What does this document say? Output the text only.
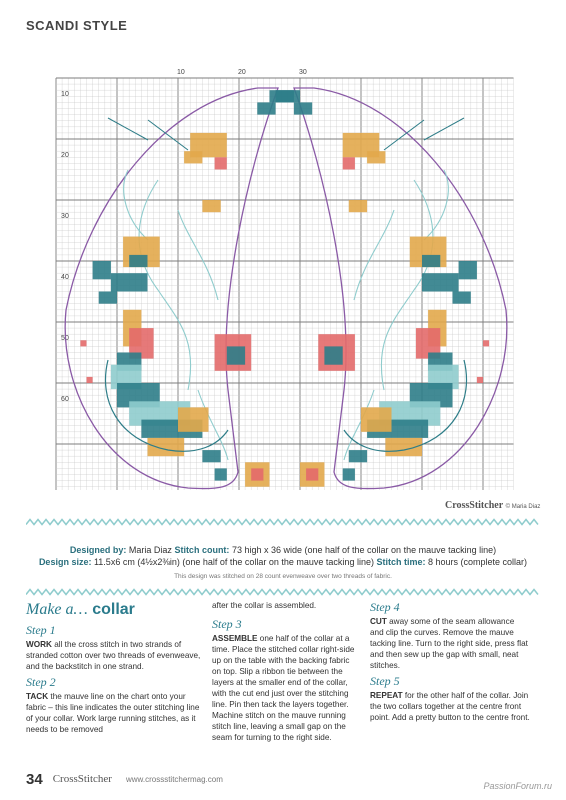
SCANDI STYLE
10	20	30
10
20
30
40
50
60
CrossStitcher © Maria Diaz
Designed by: Maria Diaz Stitch count: 73 high x 36 wide (one half of the collar on the mauve tacking line)
Design size: 11.5x6 cm (4½x2⅜in) (one half of the collar on the mauve tacking line) Stitch time: 8 hours (complete collar)
This design was stitched on 28 count evenweave over two threads of fabric.
Make a… collar
Step 1

WORK all the cross stitch in two strands of stranded cotton over two threads of evenweave, and the backstitch in one strand.

Step 2

TACK the mauve line on the chart onto your fabric – this line indicates the outer stitching line of your collar. Work large running stitches, as it needs to be removed

after the collar is assembled.

Step 3

ASSEMBLE one half of the collar at a time. Place the stitched collar right-side up on the table with the backing fabric on top. Slip a ribbon tie between the layers at the smaller end of the collar, with the cut end just over the stitching line. Pin then tack the layers together. Machine stitch on the mauve running stitch line, leaving a small gap on the seam for turning to the right side.

Step 4

CUT away some of the seam allowance and clip the curves. Remove the mauve tacking line. Turn to the right side, press flat and then sew up the gap with small, neat stitches.

Step 5

REPEAT for the other half of the collar. Join the two collars together at the centre front point. Add a pretty button to the centre front.

34 CrossStitcher www.crossstitchermag.com
PassionForum.ru
